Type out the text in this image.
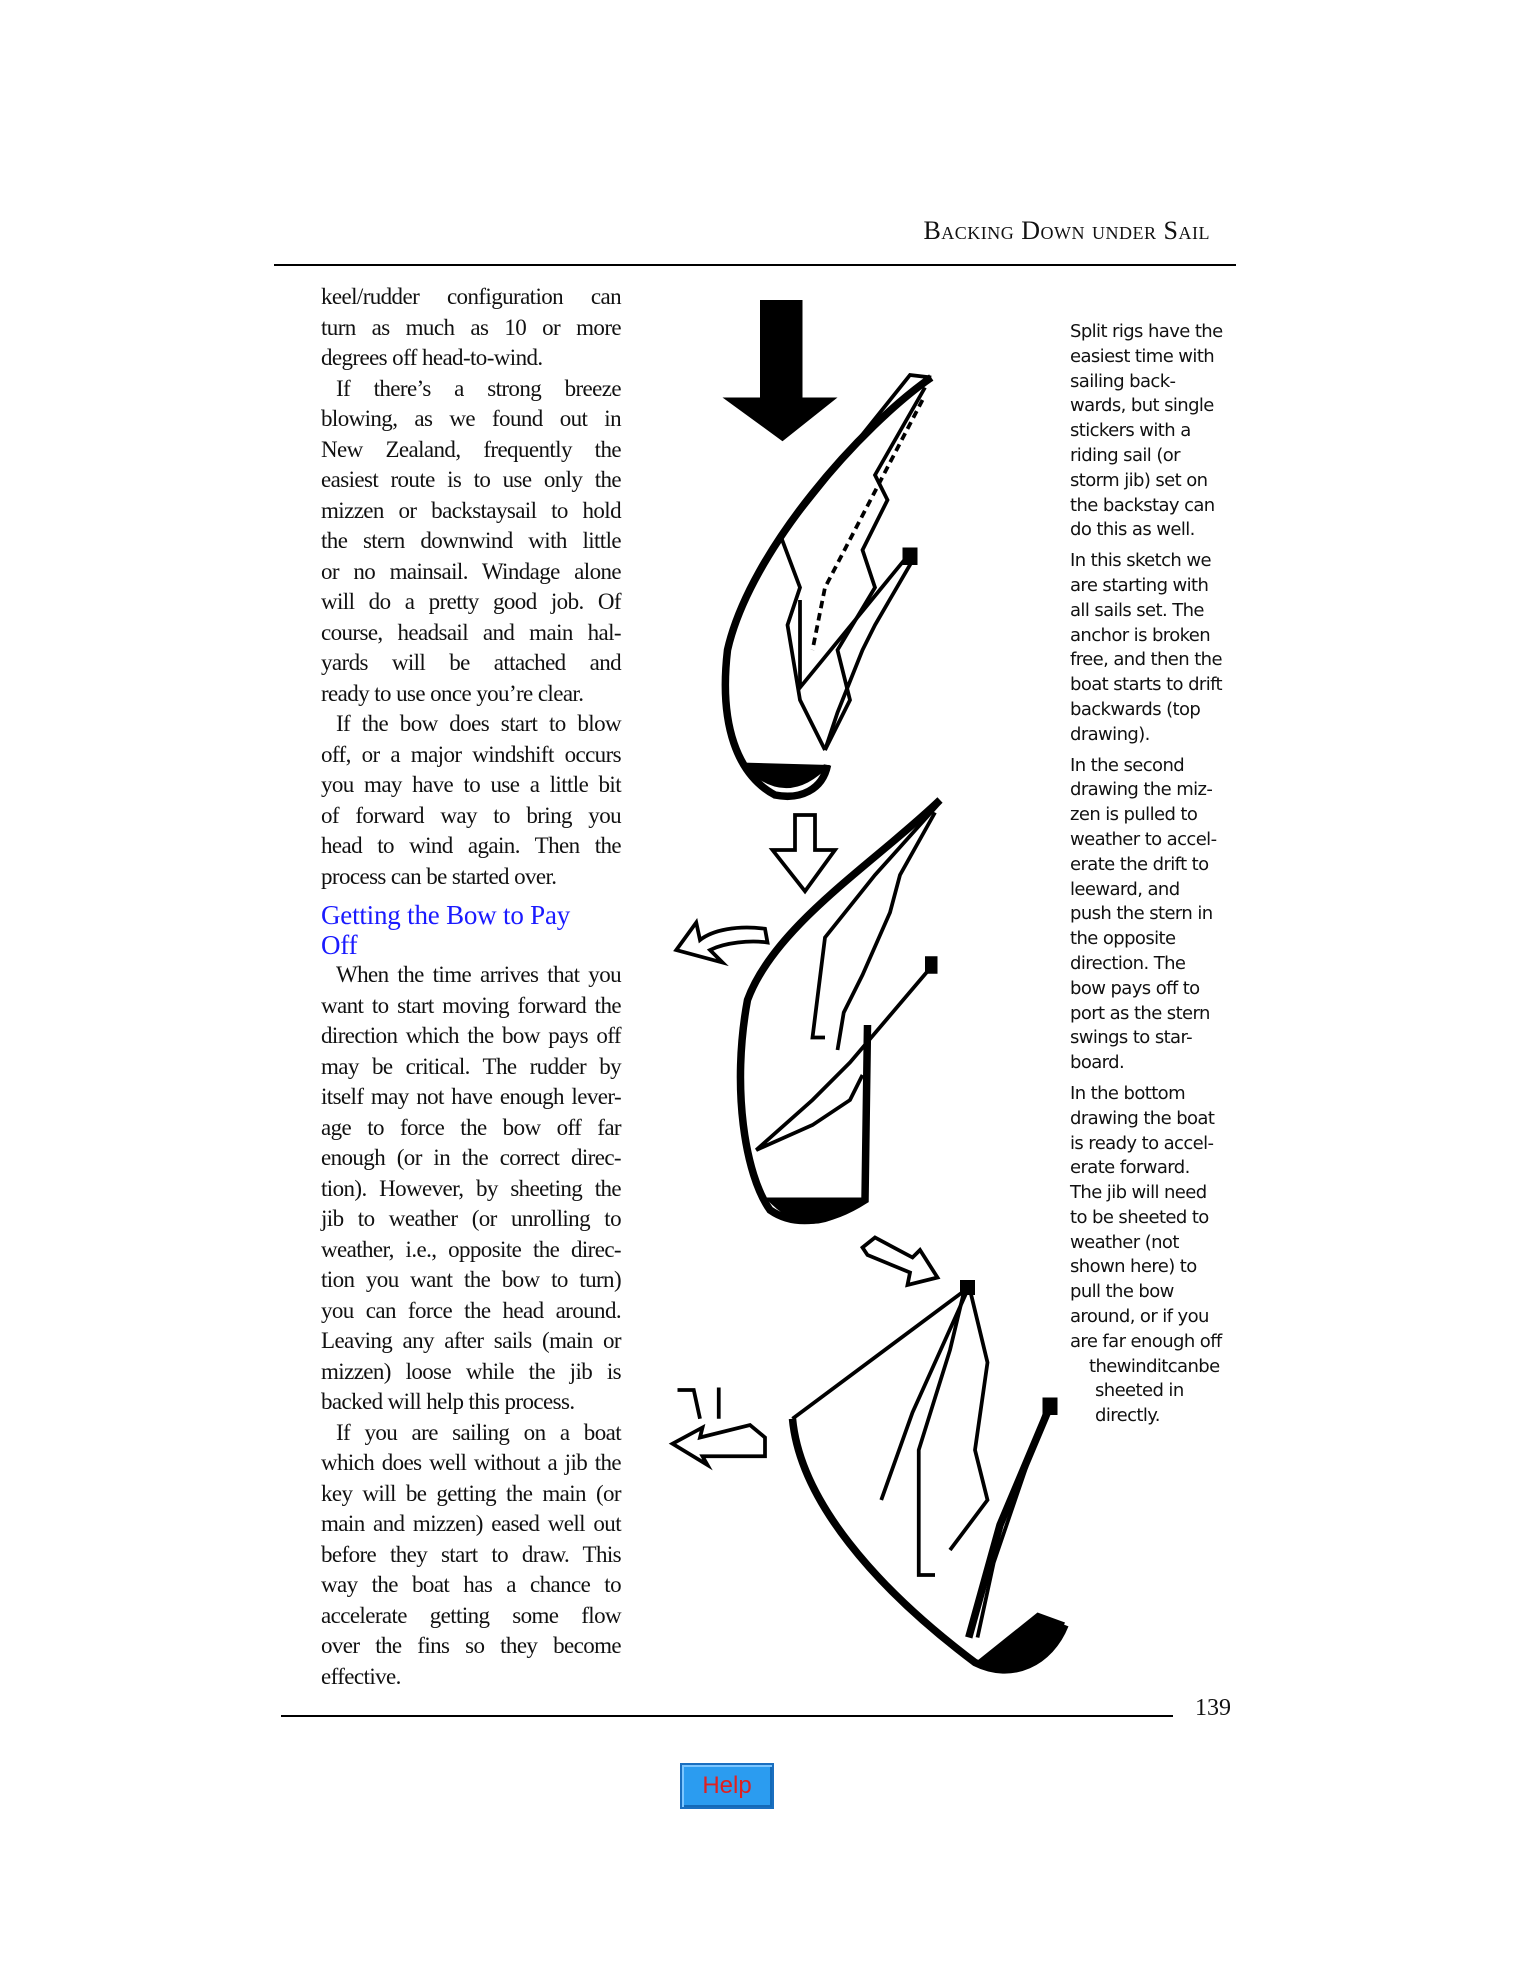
Backing Down under Sail
keel/rudder configuration can
turn as much as 10 or more
degrees off head-to-wind.
If there’s a strong breeze
blowing, as we found out in
New Zealand, frequently the
easiest route is to use only the
mizzen or backstaysail to hold
the stern downwind with little
or no mainsail. Windage alone
will do a pretty good job. Of
course, headsail and main hal-
yards will be attached and
ready to use once you’re clear.
If the bow does start to blow
off, or a major windshift occurs
you may have to use a little bit
of forward way to bring you
head to wind again. Then the
process can be started over.
Getting the Bow to Pay
Off
When the time arrives that you
want to start moving forward the
direction which the bow pays off
may be critical. The rudder by
itself may not have enough lever-
age to force the bow off far
enough (or in the correct direc-
tion). However, by sheeting the
jib to weather (or unrolling to
weather, i.e., opposite the direc-
tion you want the bow to turn)
you can force the head around.
Leaving any after sails (main or
mizzen) loose while the jib is
backed will help this process.
If you are sailing on a boat
which does well without a jib the
key will be getting the main (or
main and mizzen) eased well out
before they start to draw. This
way the boat has a chance to
accelerate getting some flow
over the fins so they become
effective.
Split rigs have the
easiest time with
sailing back-
wards, but single
stickers with a
riding sail (or
storm jib) set on
the backstay can
do this as well.
In this sketch we
are starting with
all sails set. The
anchor is broken
free, and then the
boat starts to drift
backwards (top
drawing).
In the second
drawing the miz-
zen is pulled to
weather to accel-
erate the drift to
leeward, and
push the stern in
the opposite
direction. The
bow pays off to
port as the stern
swings to star-
board.
In the bottom
drawing the boat
is ready to accel-
erate forward.
The jib will need
to be sheeted to
weather (not
shown here) to
pull the bow
around, or if you
are far enough off
thewinditcanbe
sheeted in
directly.
139
Help
